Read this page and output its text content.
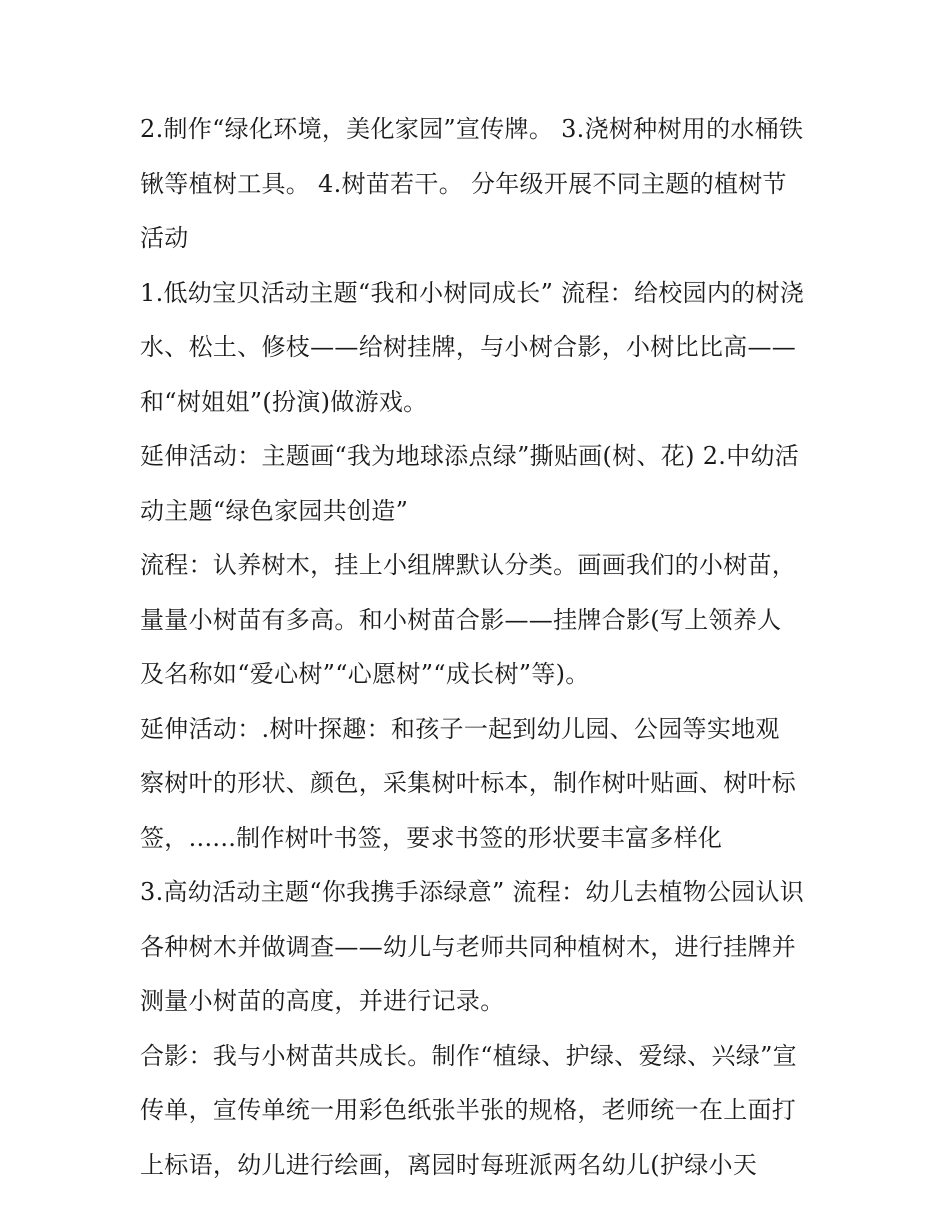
2.制作“绿化环境，美化家园”宣传牌。 3.浇树种树用的水桶铁
锹等植树工具。 4.树苗若干。 分年级开展不同主题的植树节
活动

1.低幼宝贝活动主题“我和小树同成长” 流程：给校园内的树浇
水、松土、修枝——给树挂牌，与小树合影，小树比比高——
和“树姐姐”(扮演)做游戏。

延伸活动：主题画“我为地球添点绿”撕贴画(树、花) 2.中幼活
动主题“绿色家园共创造”

流程：认养树木，挂上小组牌默认分类。画画我们的小树苗，
量量小树苗有多高。和小树苗合影——挂牌合影(写上领养人
及名称如“爱心树”“心愿树”“成长树”等)。

延伸活动：.树叶探趣：和孩子一起到幼儿园、公园等实地观
察树叶的形状、颜色，采集树叶标本，制作树叶贴画、树叶标
签，......制作树叶书签，要求书签的形状要丰富多样化

3.高幼活动主题“你我携手添绿意” 流程：幼儿去植物公园认识
各种树木并做调查——幼儿与老师共同种植树木，进行挂牌并
测量小树苗的高度，并进行记录。

合影：我与小树苗共成长。制作“植绿、护绿、爱绿、兴绿”宣
传单，宣传单统一用彩色纸张半张的规格，老师统一在上面打
上标语，幼儿进行绘画，离园时每班派两名幼儿(护绿小天
